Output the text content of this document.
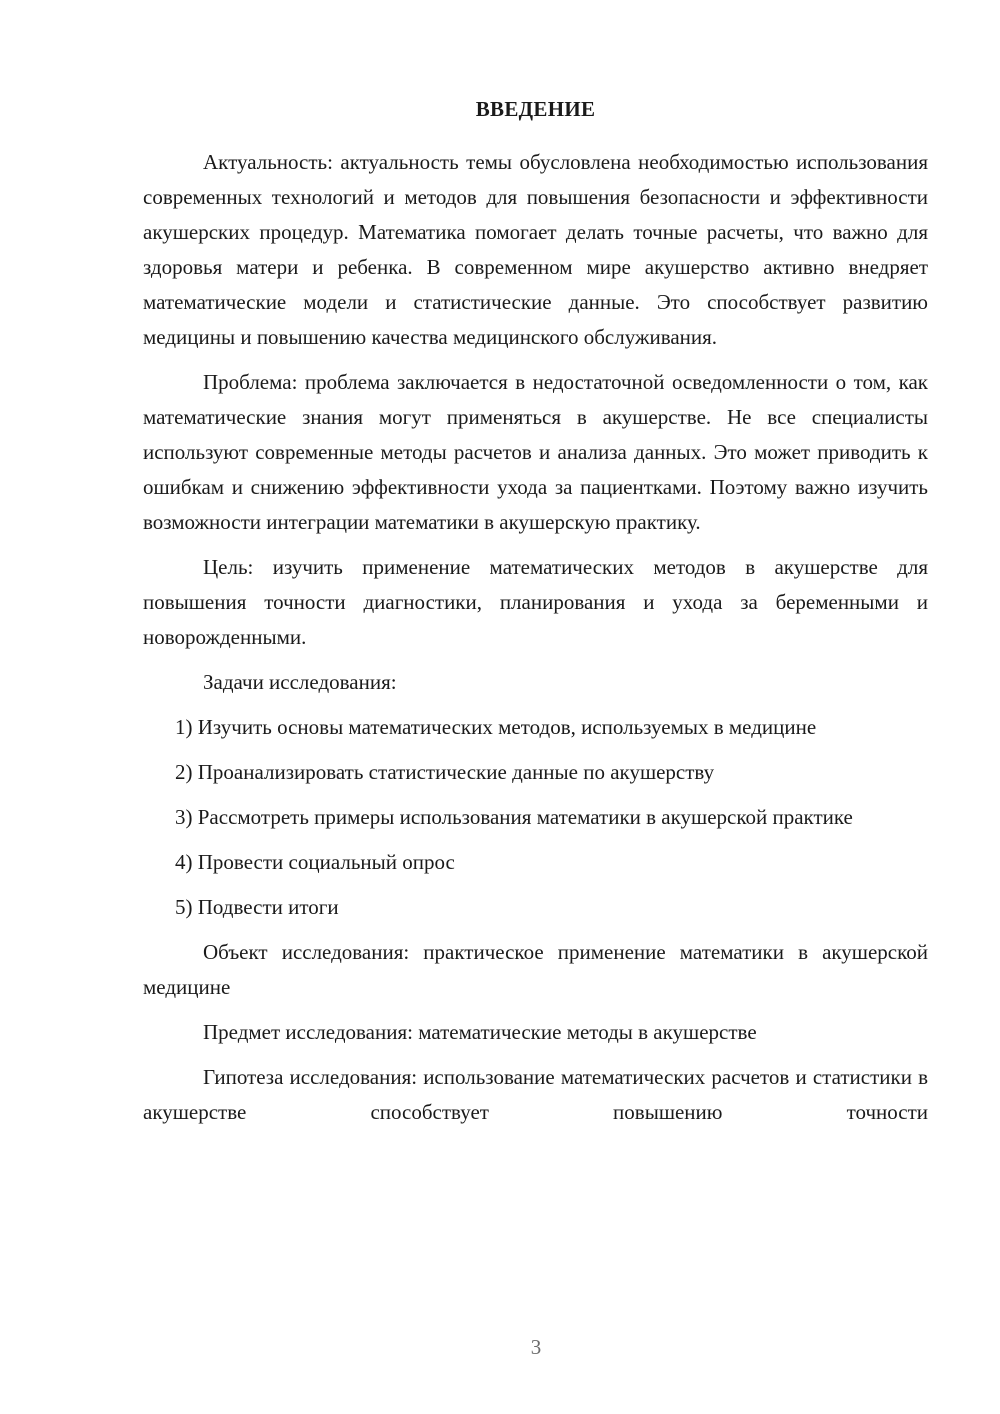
ВВЕДЕНИЕ

Актуальность: актуальность темы обусловлена необходимостью использования современных технологий и методов для повышения безопасности и эффективности акушерских процедур. Математика помогает делать точные расчеты, что важно для здоровья матери и ребенка. В современном мире акушерство активно внедряет математические модели и статистические данные. Это способствует развитию медицины и повышению качества медицинского обслуживания.

Проблема: проблема заключается в недостаточной осведомленности о том, как математические знания могут применяться в акушерстве. Не все специалисты используют современные методы расчетов и анализа данных. Это может приводить к ошибкам и снижению эффективности ухода за пациентками. Поэтому важно изучить возможности интеграции математики в акушерскую практику.

Цель: изучить применение математических методов в акушерстве для повышения точности диагностики, планирования и ухода за беременными и новорожденными.

Задачи исследования:

1) Изучить основы математических методов, используемых в медицине

2) Проанализировать статистические данные по акушерству

3) Рассмотреть примеры использования математики в акушерской практике

4) Провести социальный опрос

5) Подвести итоги

Объект исследования: практическое применение математики в акушерской медицине

Предмет исследования: математические методы в акушерстве

Гипотеза исследования: использование математических расчетов и статистики в акушерстве способствует повышению точности

3
